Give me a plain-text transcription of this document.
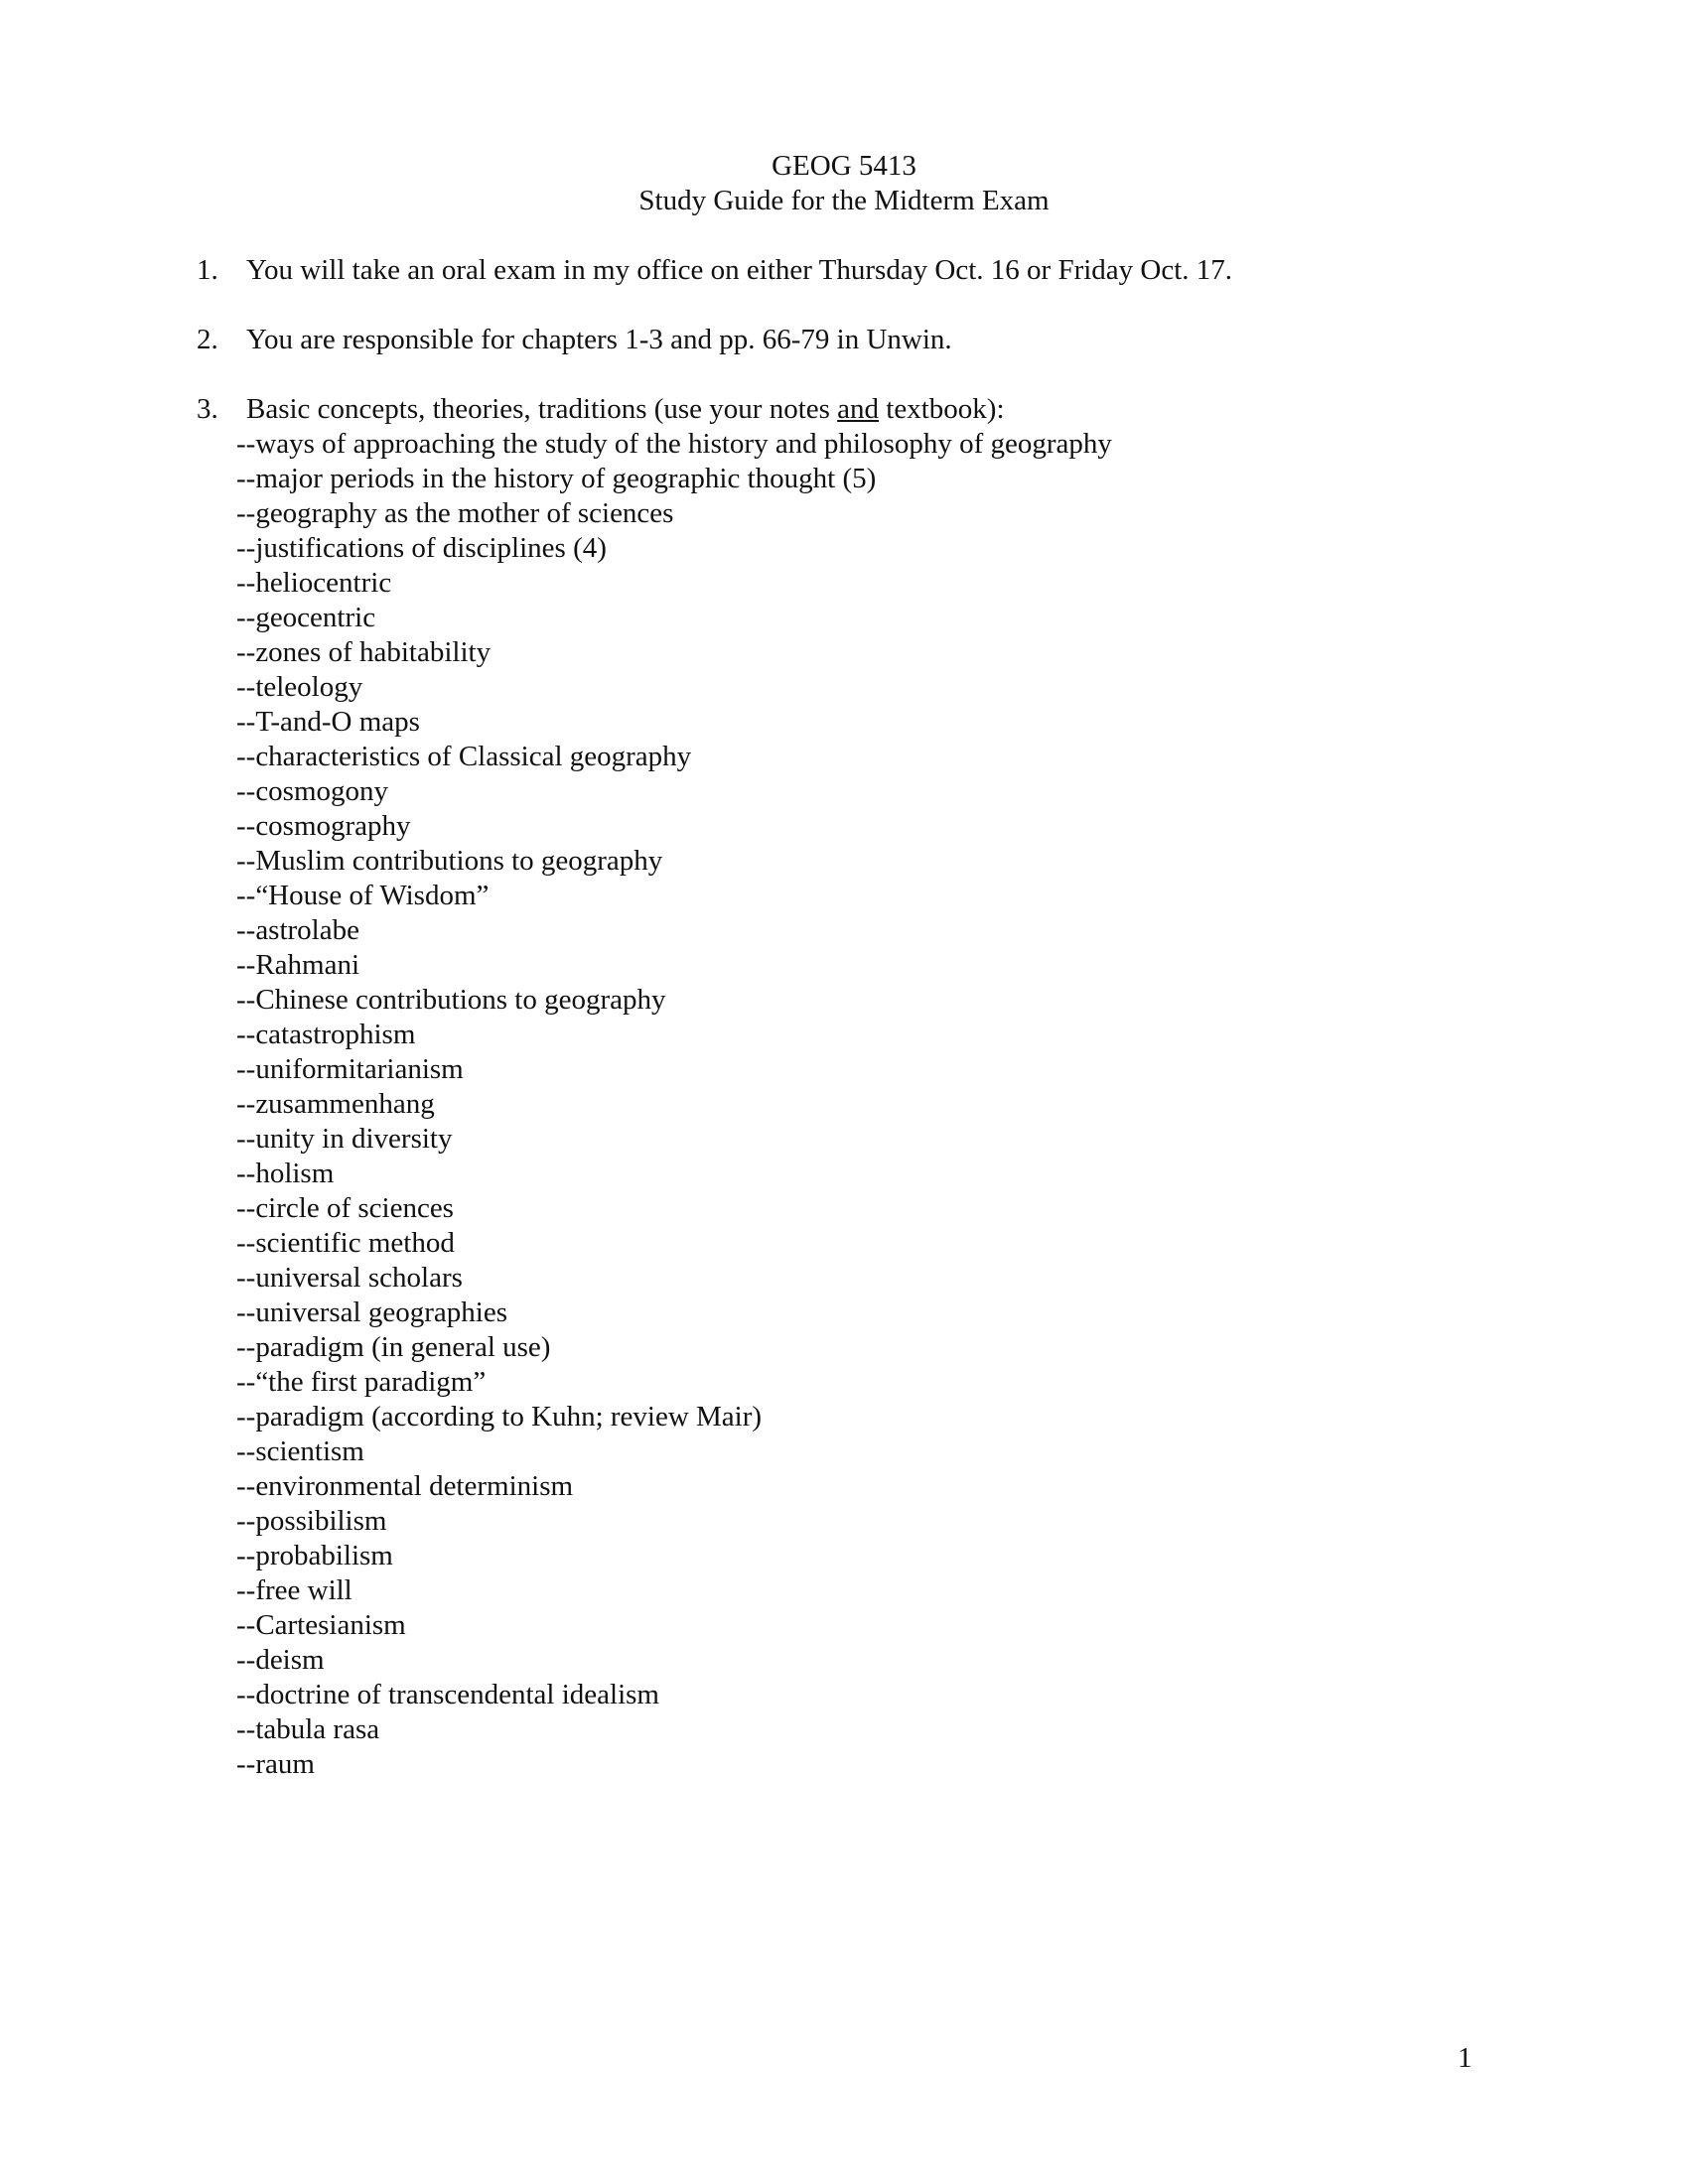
GEOG 5413
Study Guide for the Midterm Exam
1. You will take an oral exam in my office on either Thursday Oct. 16 or Friday Oct. 17.
2. You are responsible for chapters 1-3 and pp. 66-79 in Unwin.
3. Basic concepts, theories, traditions (use your notes and textbook):
--ways of approaching the study of the history and philosophy of geography
--major periods in the history of geographic thought (5)
--geography as the mother of sciences
--justifications of disciplines (4)
--heliocentric
--geocentric
--zones of habitability
--teleology
--T-and-O maps
--characteristics of Classical geography
--cosmogony
--cosmography
--Muslim contributions to geography
--“House of Wisdom”
--astrolabe
--Rahmani
--Chinese contributions to geography
--catastrophism
--uniformitarianism
--zusammenhang
--unity in diversity
--holism
--circle of sciences
--scientific method
--universal scholars
--universal geographies
--paradigm (in general use)
--“the first paradigm”
--paradigm (according to Kuhn; review Mair)
--scientism
--environmental determinism
--possibilism
--probabilism
--free will
--Cartesianism
--deism
--doctrine of transcendental idealism
--tabula rasa
--raum
1
